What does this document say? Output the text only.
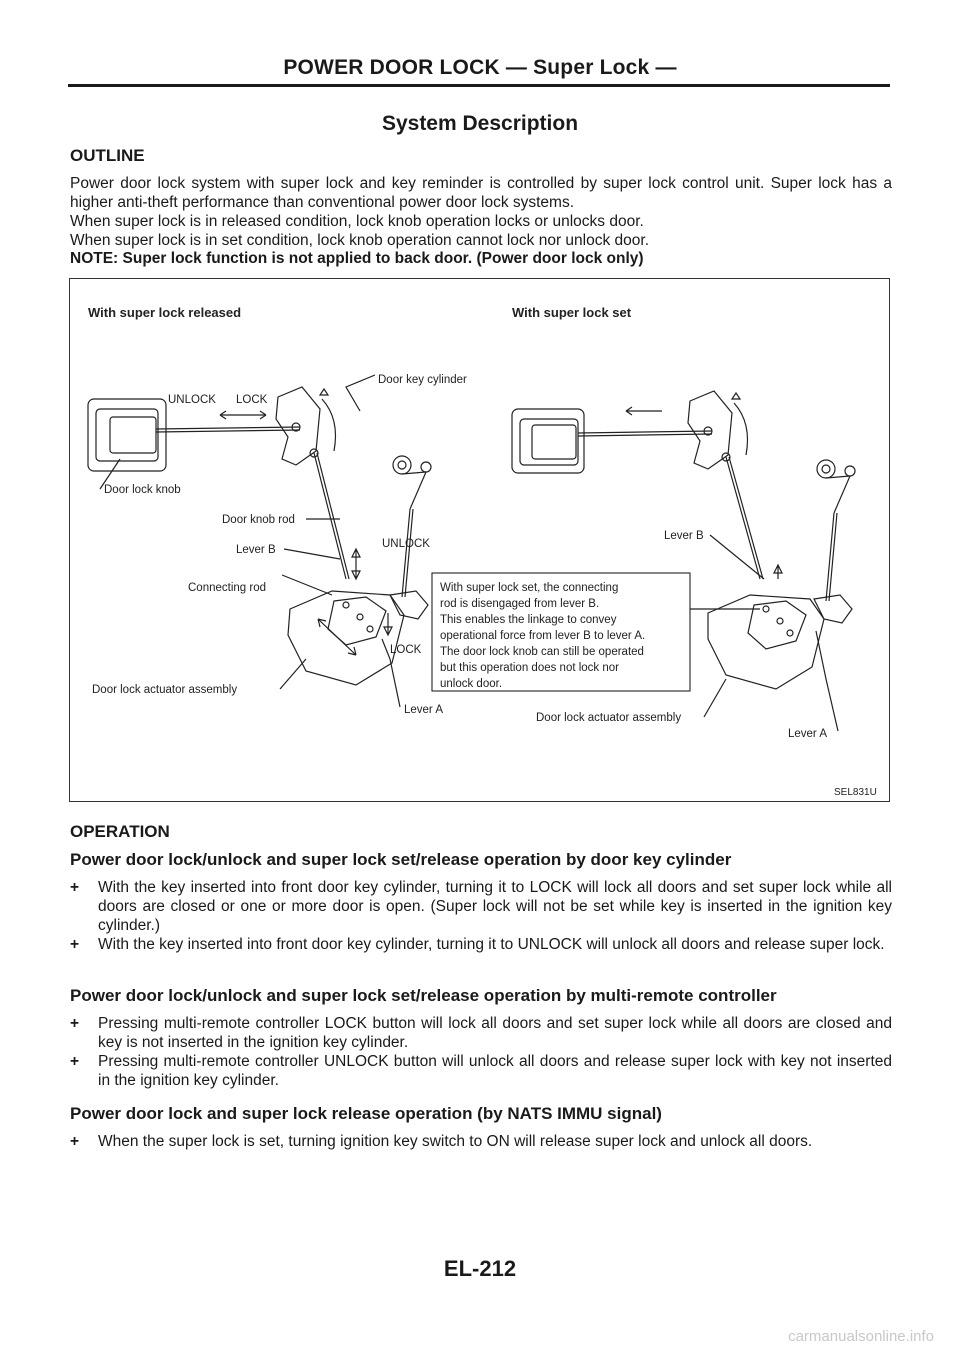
POWER DOOR LOCK — Super Lock —
System Description
OUTLINE
Power door lock system with super lock and key reminder is controlled by super lock control unit. Super lock has a higher anti-theft performance than conventional power door lock systems.
When super lock is in released condition, lock knob operation locks or unlocks door.
When super lock is in set condition, lock knob operation cannot lock nor unlock door.
NOTE: Super lock function is not applied to back door. (Power door lock only)
With super lock released	With super lock set
Door key cylinder
UNLOCK LOCK
Door lock knob
Door knob rod
Lever B	UNLOCK
Connecting rod
LOCK
Door lock actuator assembly
Lever A
Lever B
Door lock actuator assembly
Lever A
With super lock set, the connecting
rod is disengaged from lever B.
This enables the linkage to convey
operational force from lever B to lever A.
The door lock knob can still be operated
but this operation does not lock nor
unlock door.
SEL831U
OPERATION
Power door lock/unlock and super lock set/release operation by door key cylinder
+ With the key inserted into front door key cylinder, turning it to LOCK will lock all doors and set super lock while all doors are closed or one or more door is open. (Super lock will not be set while key is inserted in the ignition key cylinder.)
+ With the key inserted into front door key cylinder, turning it to UNLOCK will unlock all doors and release super lock.
Power door lock/unlock and super lock set/release operation by multi-remote controller
+ Pressing multi-remote controller LOCK button will lock all doors and set super lock while all doors are closed and key is not inserted in the ignition key cylinder.
+ Pressing multi-remote controller UNLOCK button will unlock all doors and release super lock with key not inserted in the ignition key cylinder.
Power door lock and super lock release operation (by NATS IMMU signal)
+ When the super lock is set, turning ignition key switch to ON will release super lock and unlock all doors.
EL-212
carmanualsonline.info
